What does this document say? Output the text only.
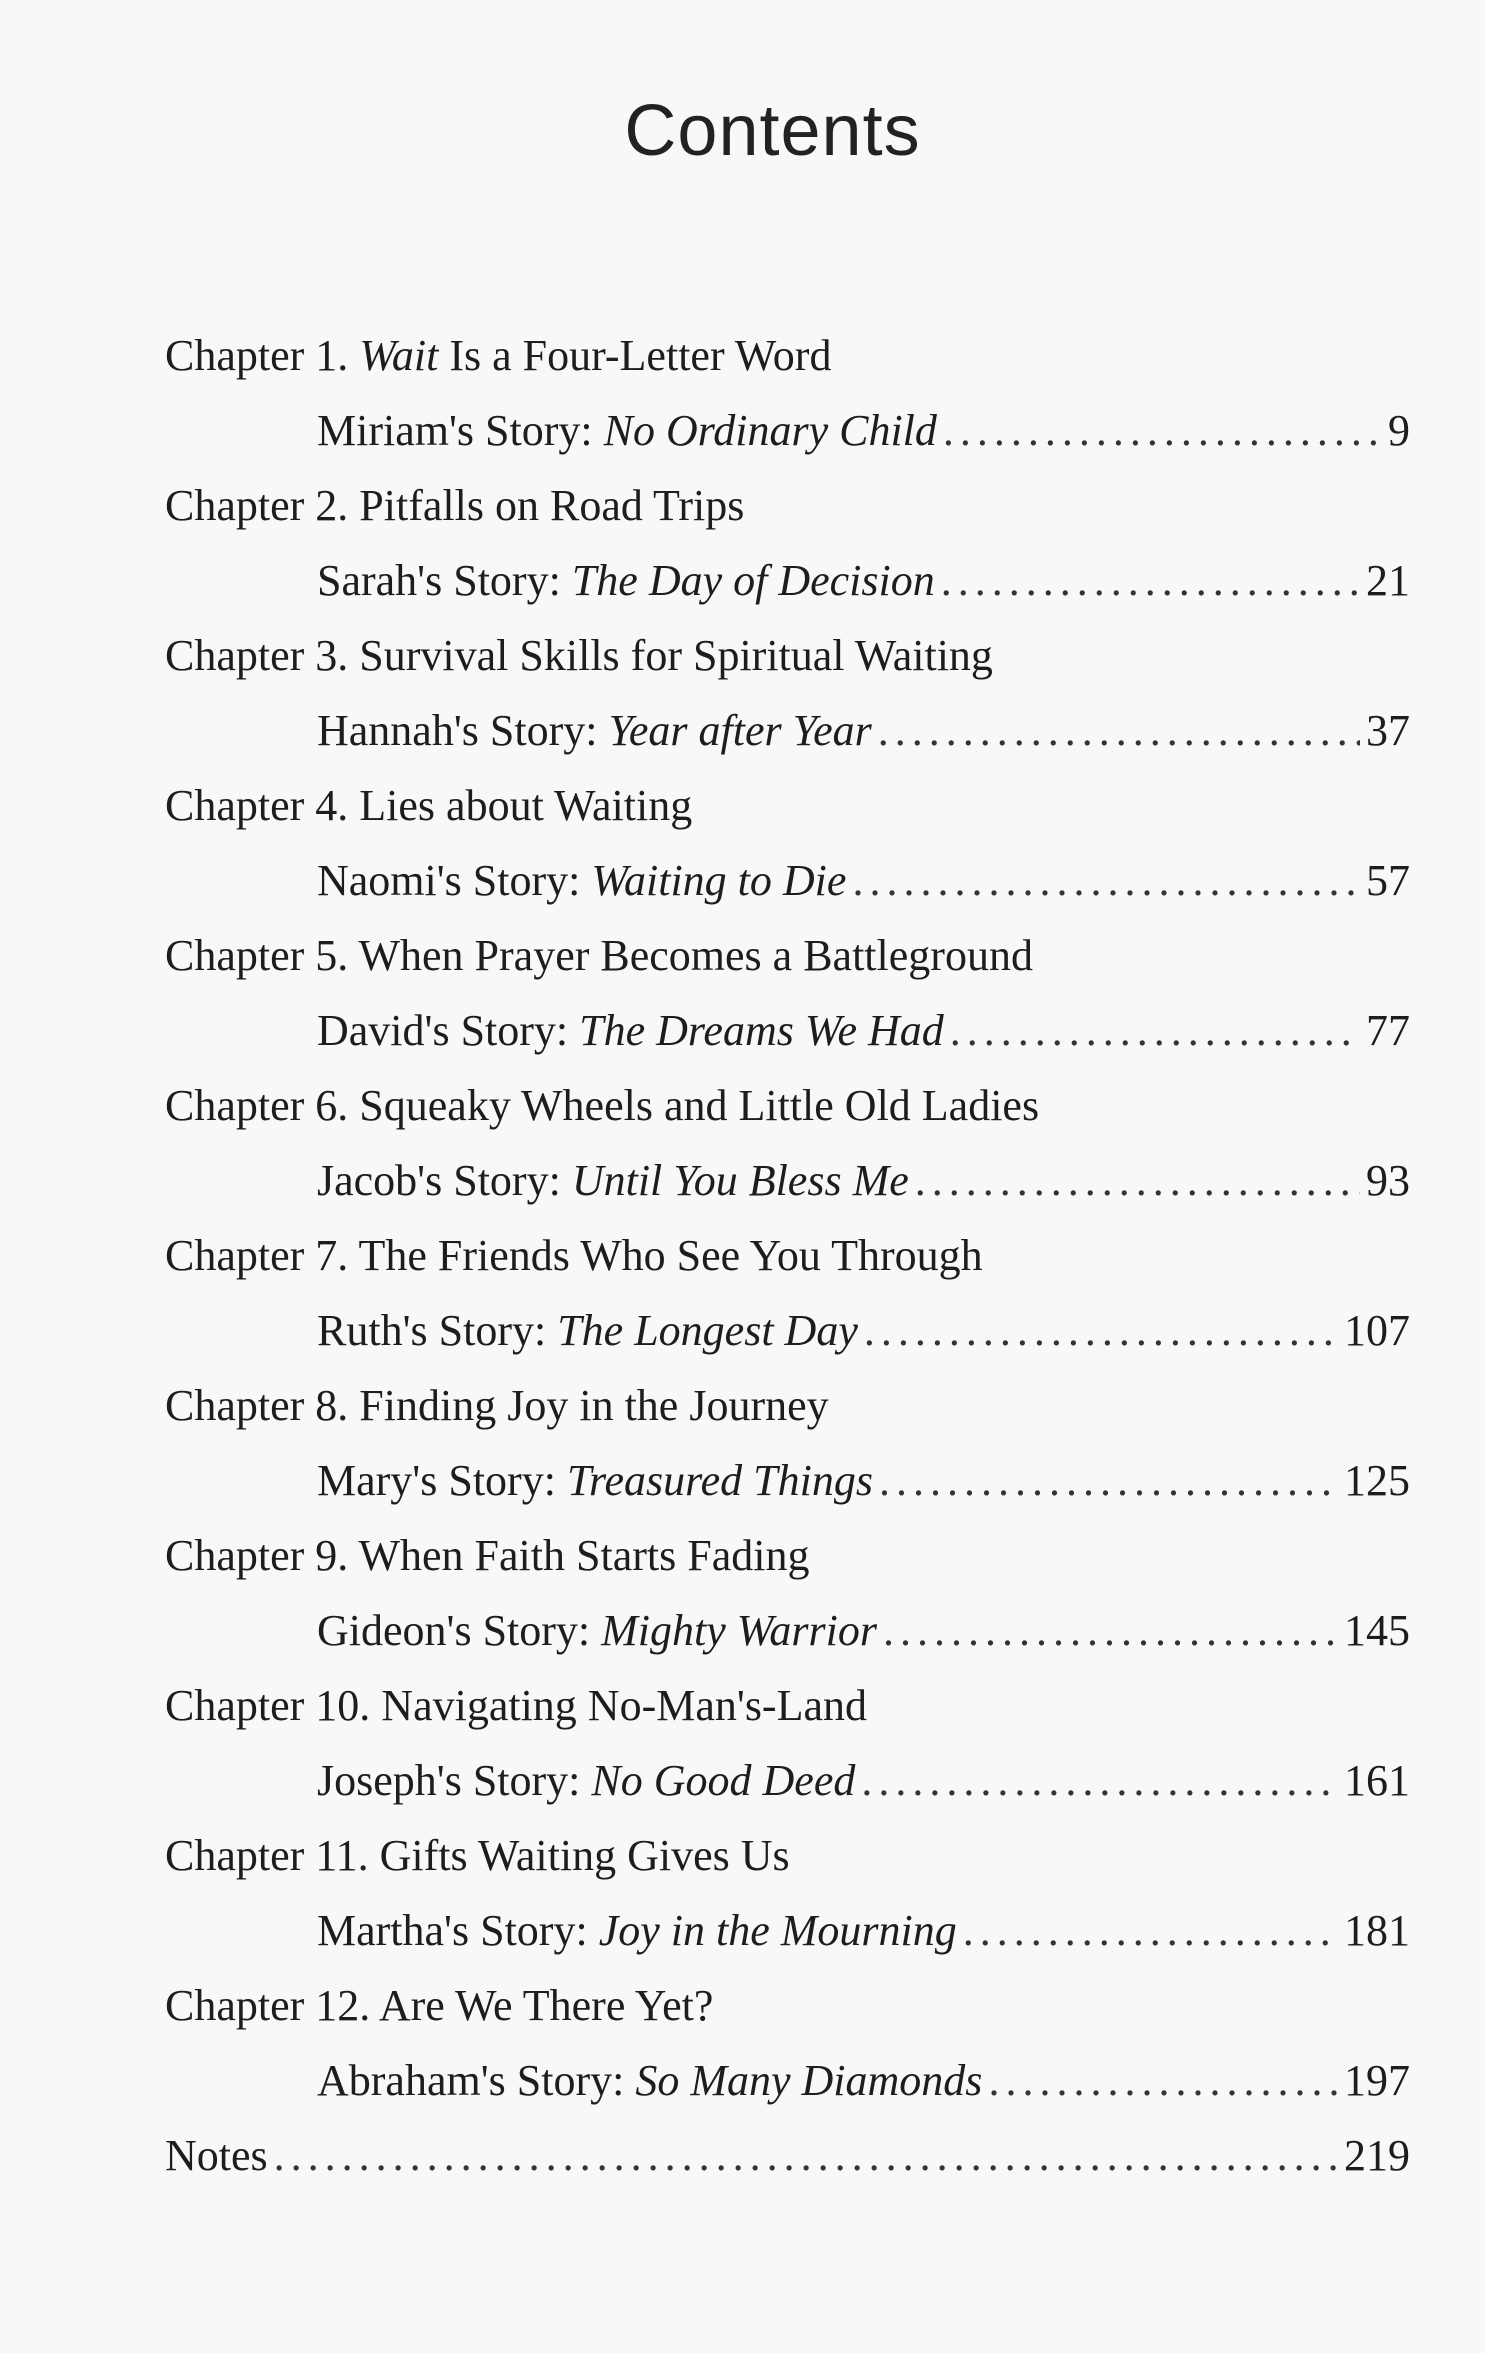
Contents
Chapter 1. Wait Is a Four-Letter Word
Miriam's Story: No Ordinary Child . . .	9
Chapter 2. Pitfalls on Road Trips
Sarah's Story: The Day of Decision . . .	21
Chapter 3. Survival Skills for Spiritual Waiting
Hannah's Story: Year after Year . . .	37
Chapter 4. Lies about Waiting
Naomi's Story: Waiting to Die . . .	57
Chapter 5. When Prayer Becomes a Battleground
David's Story: The Dreams We Had . . .	77
Chapter 6. Squeaky Wheels and Little Old Ladies
Jacob's Story: Until You Bless Me . . .	93
Chapter 7. The Friends Who See You Through
Ruth's Story: The Longest Day . . .	107
Chapter 8. Finding Joy in the Journey
Mary's Story: Treasured Things . . .	125
Chapter 9. When Faith Starts Fading
Gideon's Story: Mighty Warrior . . .	145
Chapter 10. Navigating No-Man's-Land
Joseph's Story: No Good Deed . . .	161
Chapter 11. Gifts Waiting Gives Us
Martha's Story: Joy in the Mourning . . .	181
Chapter 12. Are We There Yet?
Abraham's Story: So Many Diamonds . . .	197
Notes . . .	219
